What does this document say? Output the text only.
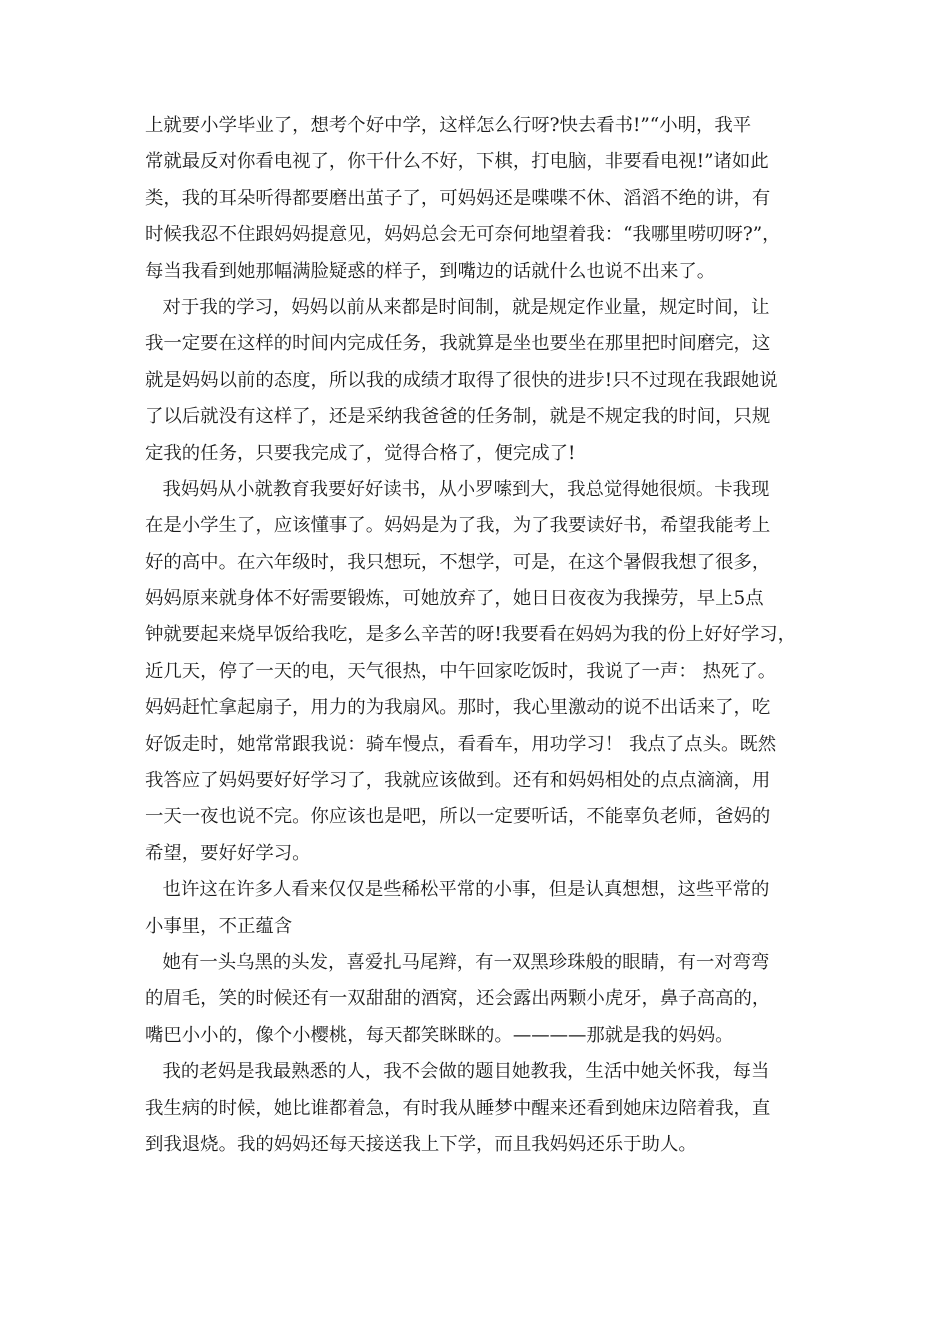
上就要小学毕业了，想考个好中学，这样怎么行呀?快去看书!”“小明，我平
常就最反对你看电视了，你干什么不好，下棋，打电脑，非要看电视!”诸如此
类，我的耳朵听得都要磨出茧子了，可妈妈还是喋喋不休、滔滔不绝的讲，有
时候我忍不住跟妈妈提意见，妈妈总会无可奈何地望着我：“我哪里唠叨呀?”，
每当我看到她那幅满脸疑惑的样子，到嘴边的话就什么也说不出来了。
对于我的学习，妈妈以前从来都是时间制，就是规定作业量，规定时间，让
我一定要在这样的时间内完成任务，我就算是坐也要坐在那里把时间磨完，这
就是妈妈以前的态度，所以我的成绩才取得了很快的进步!只不过现在我跟她说
了以后就没有这样了，还是采纳我爸爸的任务制，就是不规定我的时间，只规
定我的任务，只要我完成了，觉得合格了，便完成了!
我妈妈从小就教育我要好好读书，从小罗嗦到大，我总觉得她很烦。卡我现
在是小学生了，应该懂事了。妈妈是为了我，为了我要读好书，希望我能考上
好的高中。在六年级时，我只想玩，不想学，可是，在这个暑假我想了很多，
妈妈原来就身体不好需要锻炼，可她放弃了，她日日夜夜为我操劳，早上5点
钟就要起来烧早饭给我吃，是多么辛苦的呀!我要看在妈妈为我的份上好好学习，
近几天，停了一天的电，天气很热，中午回家吃饭时，我说了一声： 热死了。
妈妈赶忙拿起扇子，用力的为我扇风。那时，我心里激动的说不出话来了，吃
好饭走时，她常常跟我说：骑车慢点，看看车，用功学习！ 我点了点头。既然
我答应了妈妈要好好学习了，我就应该做到。还有和妈妈相处的点点滴滴，用
一天一夜也说不完。你应该也是吧，所以一定要听话，不能辜负老师，爸妈的
希望，要好好学习。
也许这在许多人看来仅仅是些稀松平常的小事，但是认真想想，这些平常的
小事里，不正蕴含
她有一头乌黑的头发，喜爱扎马尾辫，有一双黑珍珠般的眼睛，有一对弯弯
的眉毛，笑的时候还有一双甜甜的酒窝，还会露出两颗小虎牙，鼻子高高的，
嘴巴小小的，像个小樱桃，每天都笑眯眯的。————那就是我的妈妈。
我的老妈是我最熟悉的人，我不会做的题目她教我，生活中她关怀我，每当
我生病的时候，她比谁都着急，有时我从睡梦中醒来还看到她床边陪着我，直
到我退烧。我的妈妈还每天接送我上下学，而且我妈妈还乐于助人。
